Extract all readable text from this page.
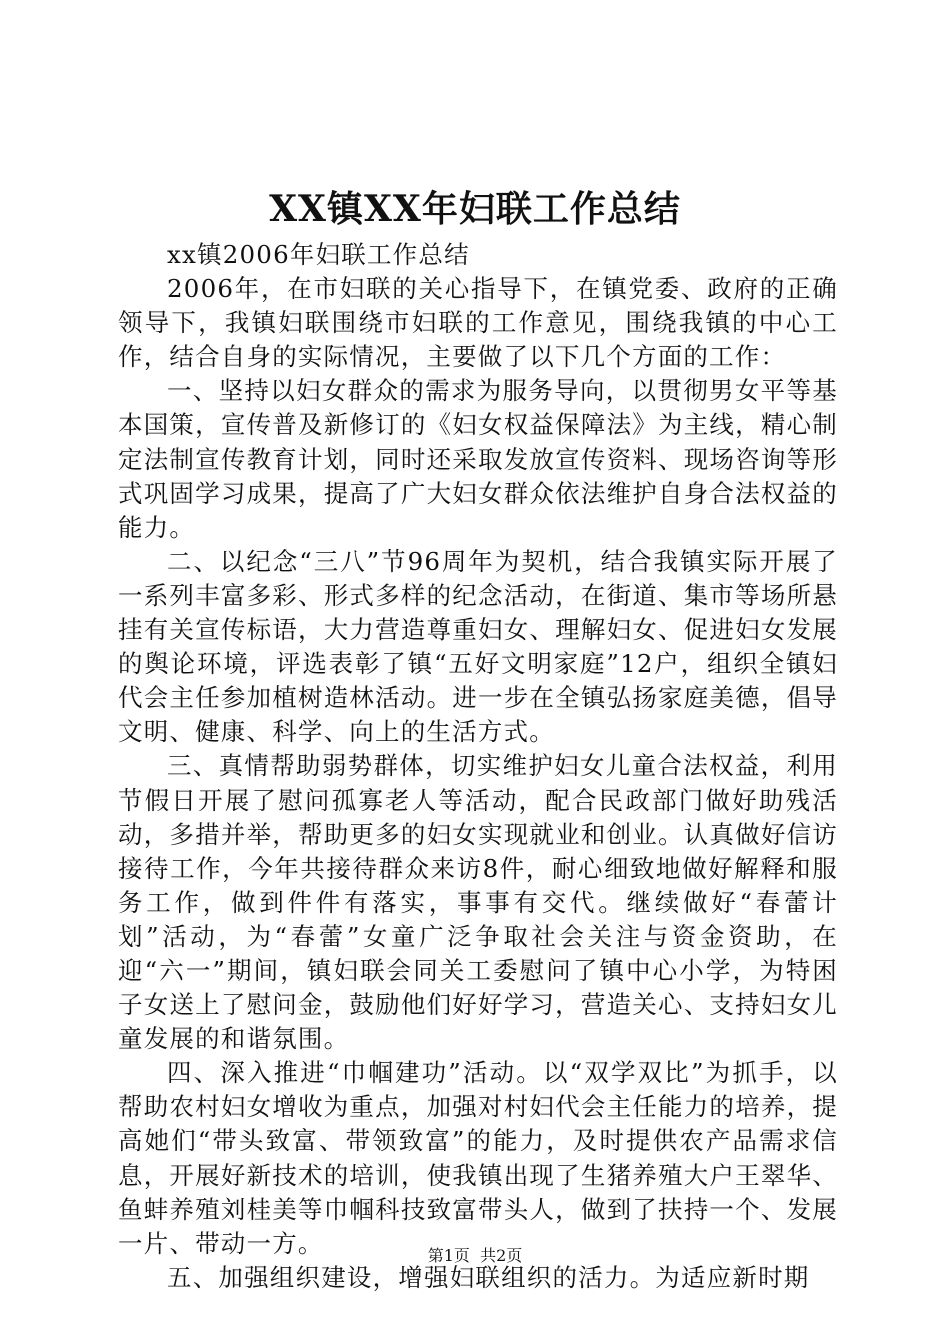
XX镇XX年妇联工作总结

xx镇2006年妇联工作总结

2006年，在市妇联的关心指导下，在镇党委、政府的正确领导下，我镇妇联围绕市妇联的工作意见，围绕我镇的中心工作，结合自身的实际情况，主要做了以下几个方面的工作：

一、坚持以妇女群众的需求为服务导向，以贯彻男女平等基本国策，宣传普及新修订的《妇女权益保障法》为主线，精心制定法制宣传教育计划，同时还采取发放宣传资料、现场咨询等形式巩固学习成果，提高了广大妇女群众依法维护自身合法权益的能力。

二、以纪念“三八”节96周年为契机，结合我镇实际开展了一系列丰富多彩、形式多样的纪念活动，在街道、集市等场所悬挂有关宣传标语，大力营造尊重妇女、理解妇女、促进妇女发展的舆论环境，评选表彰了镇“五好文明家庭”12户，组织全镇妇代会主任参加植树造林活动。进一步在全镇弘扬家庭美德，倡导文明、健康、科学、向上的生活方式。

三、真情帮助弱势群体，切实维护妇女儿童合法权益，利用节假日开展了慰问孤寡老人等活动，配合民政部门做好助残活动，多措并举，帮助更多的妇女实现就业和创业。认真做好信访接待工作，今年共接待群众来访8件，耐心细致地做好解释和服务工作，做到件件有落实，事事有交代。继续做好“春蕾计划”活动，为“春蕾”女童广泛争取社会关注与资金资助，在迎“六一”期间，镇妇联会同关工委慰问了镇中心小学，为特困子女送上了慰问金，鼓励他们好好学习，营造关心、支持妇女儿童发展的和谐氛围。

四、深入推进“巾帼建功”活动。以“双学双比”为抓手，以帮助农村妇女增收为重点，加强对村妇代会主任能力的培养，提高她们“带头致富、带领致富”的能力，及时提供农产品需求信息，开展好新技术的培训，使我镇出现了生猪养殖大户王翠华、鱼蚌养殖刘桂美等巾帼科技致富带头人，做到了扶持一个、发展一片、带动一方。

五、加强组织建设，增强妇联组织的活力。为适应新时期

第1页 共2页
